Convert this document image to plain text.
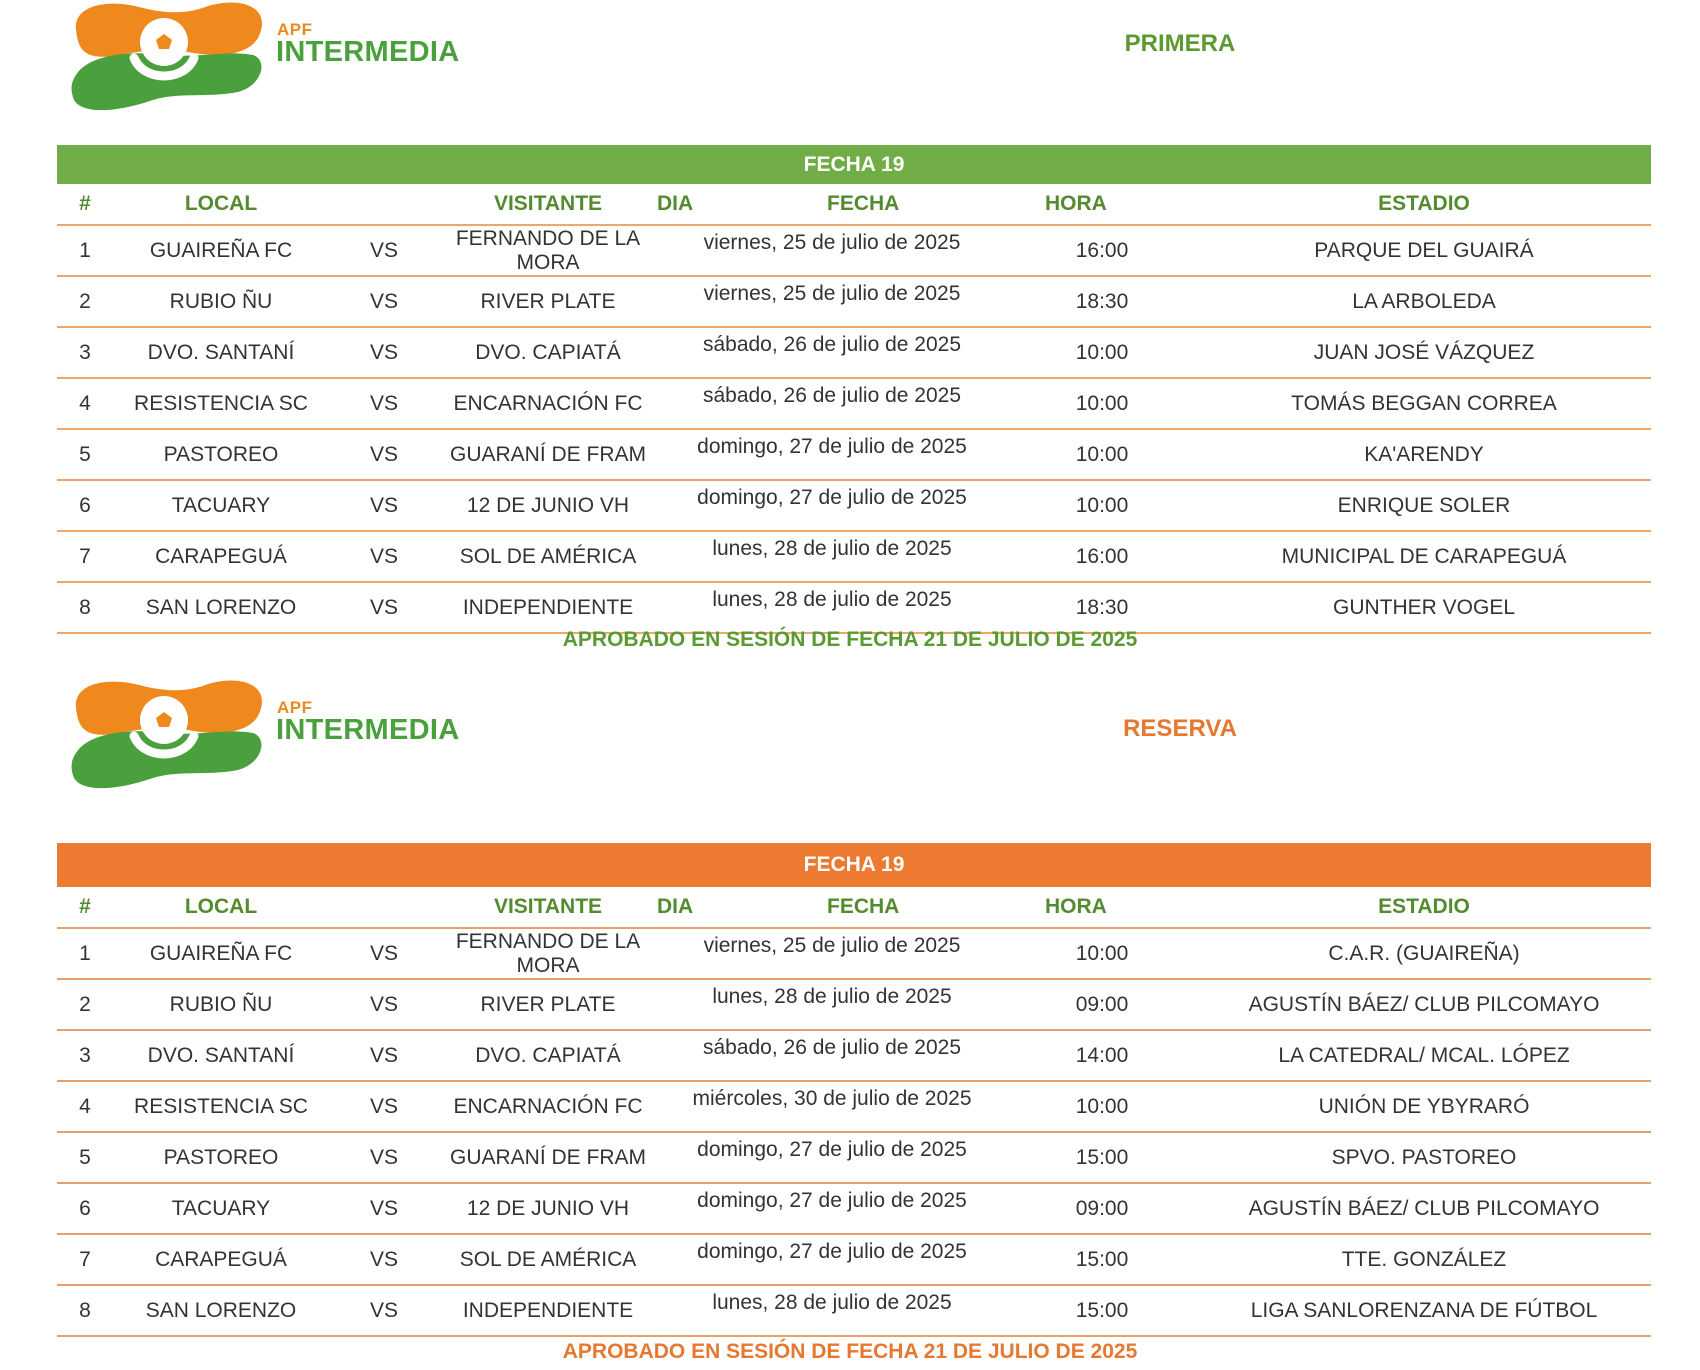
APF
INTERMEDIA	PRIMERA
FECHA 19
#	LOCAL		VISITANTE	DIA	FECHA	HORA	ESTADIO
1	GUAIREÑA FC	VS	FERNANDO DE LA MORA	viernes, 25 de julio de 2025		16:00	PARQUE DEL GUAIRÁ
2	RUBIO ÑU	VS	RIVER PLATE	viernes, 25 de julio de 2025		18:30	LA ARBOLEDA
3	DVO. SANTANÍ	VS	DVO. CAPIATÁ	sábado, 26 de julio de 2025		10:00	JUAN JOSÉ VÁZQUEZ
4	RESISTENCIA SC	VS	ENCARNACIÓN FC	sábado, 26 de julio de 2025		10:00	TOMÁS BEGGAN CORREA
5	PASTOREO	VS	GUARANÍ DE FRAM	domingo, 27 de julio de 2025		10:00	KA'ARENDY
6	TACUARY	VS	12 DE JUNIO VH	domingo, 27 de julio de 2025		10:00	ENRIQUE SOLER
7	CARAPEGUÁ	VS	SOL DE AMÉRICA	lunes, 28 de julio de 2025		16:00	MUNICIPAL DE CARAPEGUÁ
8	SAN LORENZO	VS	INDEPENDIENTE	lunes, 28 de julio de 2025		18:30	GUNTHER VOGEL
APROBADO EN SESIÓN DE FECHA 21 DE JULIO DE 2025
APF
INTERMEDIA	RESERVA
FECHA 19
#	LOCAL		VISITANTE	DIA	FECHA	HORA	ESTADIO
1	GUAIREÑA FC	VS	FERNANDO DE LA MORA	viernes, 25 de julio de 2025		10:00	C.A.R. (GUAIREÑA)
2	RUBIO ÑU	VS	RIVER PLATE	lunes, 28 de julio de 2025		09:00	AGUSTÍN BÁEZ/ CLUB PILCOMAYO
3	DVO. SANTANÍ	VS	DVO. CAPIATÁ	sábado, 26 de julio de 2025		14:00	LA CATEDRAL/ MCAL. LÓPEZ
4	RESISTENCIA SC	VS	ENCARNACIÓN FC	miércoles, 30 de julio de 2025		10:00	UNIÓN DE YBYRARÓ
5	PASTOREO	VS	GUARANÍ DE FRAM	domingo, 27 de julio de 2025		15:00	SPVO. PASTOREO
6	TACUARY	VS	12 DE JUNIO VH	domingo, 27 de julio de 2025		09:00	AGUSTÍN BÁEZ/ CLUB PILCOMAYO
7	CARAPEGUÁ	VS	SOL DE AMÉRICA	domingo, 27 de julio de 2025		15:00	TTE. GONZÁLEZ
8	SAN LORENZO	VS	INDEPENDIENTE	lunes, 28 de julio de 2025		15:00	LIGA SANLORENZANA DE FÚTBOL
APROBADO EN SESIÓN DE FECHA 21 DE JULIO DE 2025
